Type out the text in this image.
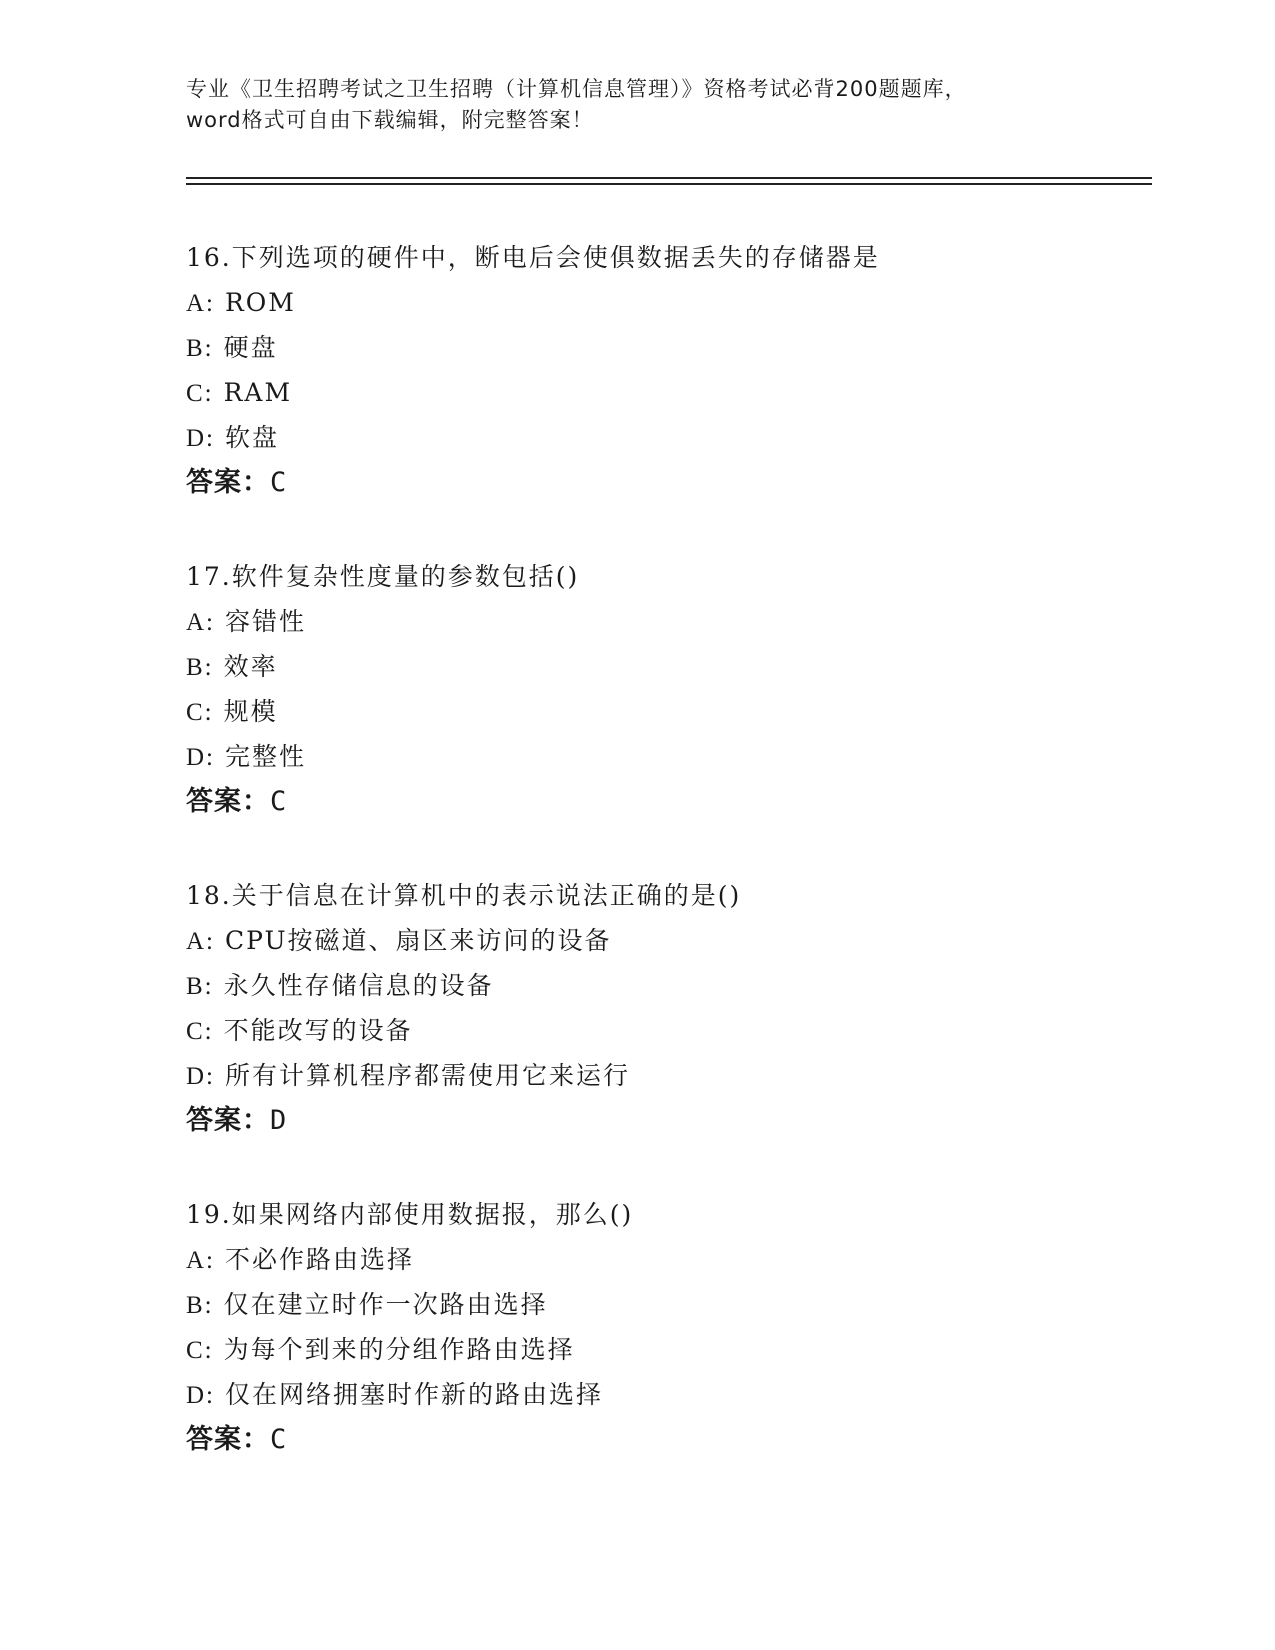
专业《卫生招聘考试之卫生招聘（计算机信息管理）》资格考试必背200题题库，
word格式可自由下载编辑，附完整答案！
16.下列选项的硬件中，断电后会使俱数据丢失的存储器是
A: ROM
B: 硬盘
C: RAM
D: 软盘
答案：C
17.软件复杂性度量的参数包括()
A: 容错性
B: 效率
C: 规模
D: 完整性
答案：C
18.关于信息在计算机中的表示说法正确的是()
A: CPU按磁道、扇区来访问的设备
B: 永久性存储信息的设备
C: 不能改写的设备
D: 所有计算机程序都需使用它来运行
答案：D
19.如果网络内部使用数据报，那么()
A: 不必作路由选择
B: 仅在建立时作一次路由选择
C: 为每个到来的分组作路由选择
D: 仅在网络拥塞时作新的路由选择
答案：C
